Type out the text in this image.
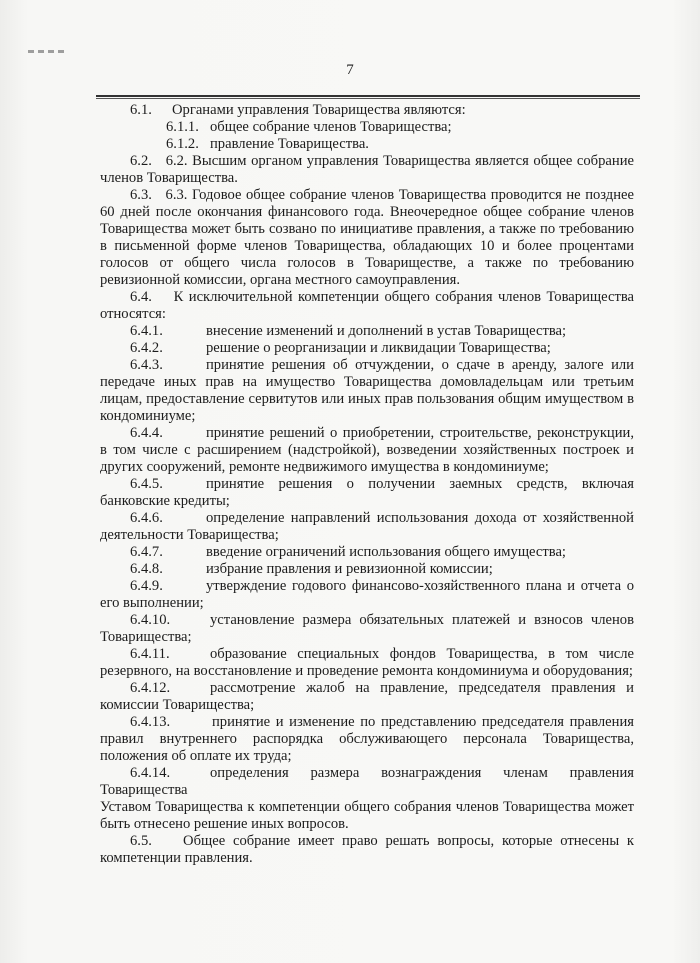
7
6.1.	Органами управления Товарищества являются:
6.1.1. общее собрание членов Товарищества;
6.1.2. правление Товарищества.
6.2. 6.2. Высшим органом управления Товарищества является общее собрание членов Товарищества.
6.3. 6.3. Годовое общее собрание членов Товарищества проводится не позднее 60 дней после окончания финансового года. Внеочередное общее собрание членов Товарищества может быть созвано по инициативе правления, а также по требованию в письменной форме членов Товарищества, обладающих 10 и более процентами голосов от общего числа голосов в Товариществе, а также по требованию ревизионной комиссии, органа местного самоуправления.
6.4. К исключительной компетенции общего собрания членов Товарищества относятся:
6.4.1.	внесение изменений и дополнений в устав Товарищества;
6.4.2.	решение о реорганизации и ликвидации Товарищества;
6.4.3.	принятие решения об отчуждении, о сдаче в аренду, залоге или передаче иных прав на имущество Товарищества домовладельцам или третьим лицам, предоставление сервитутов или иных прав пользования общим имуществом в кондоминиуме;
6.4.4.	принятие решений о приобретении, строительстве, реконструкции, в том числе с расширением (надстройкой), возведении хозяйственных построек и других сооружений, ремонте недвижимого имущества в кондоминиуме;
6.4.5.	принятие решения о получении заемных средств, включая банковские кредиты;
6.4.6.	определение направлений использования дохода от хозяйственной деятельности Товарищества;
6.4.7.	введение ограничений использования общего имущества;
6.4.8.	избрание правления и ревизионной комиссии;
6.4.9.	утверждение годового финансово-хозяйственного плана и отчета о его выполнении;
6.4.10.	установление размера обязательных платежей и взносов членов Товарищества;
6.4.11.	образование специальных фондов Товарищества, в том числе резервного, на восстановление и проведение ремонта кондоминиума и оборудования;
6.4.12.	рассмотрение жалоб на правление, председателя правления и комиссии Товарищества;
6.4.13.	принятие и изменение по представлению председателя правления правил внутреннего распорядка обслуживающего персонала Товарищества, положения об оплате их труда;
6.4.14.	определения размера вознаграждения членам правления Товарищества
Уставом Товарищества к компетенции общего собрания членов Товарищества может быть отнесено решение иных вопросов.
6.5. Общее собрание имеет право решать вопросы, которые отнесены к компетенции правления.
